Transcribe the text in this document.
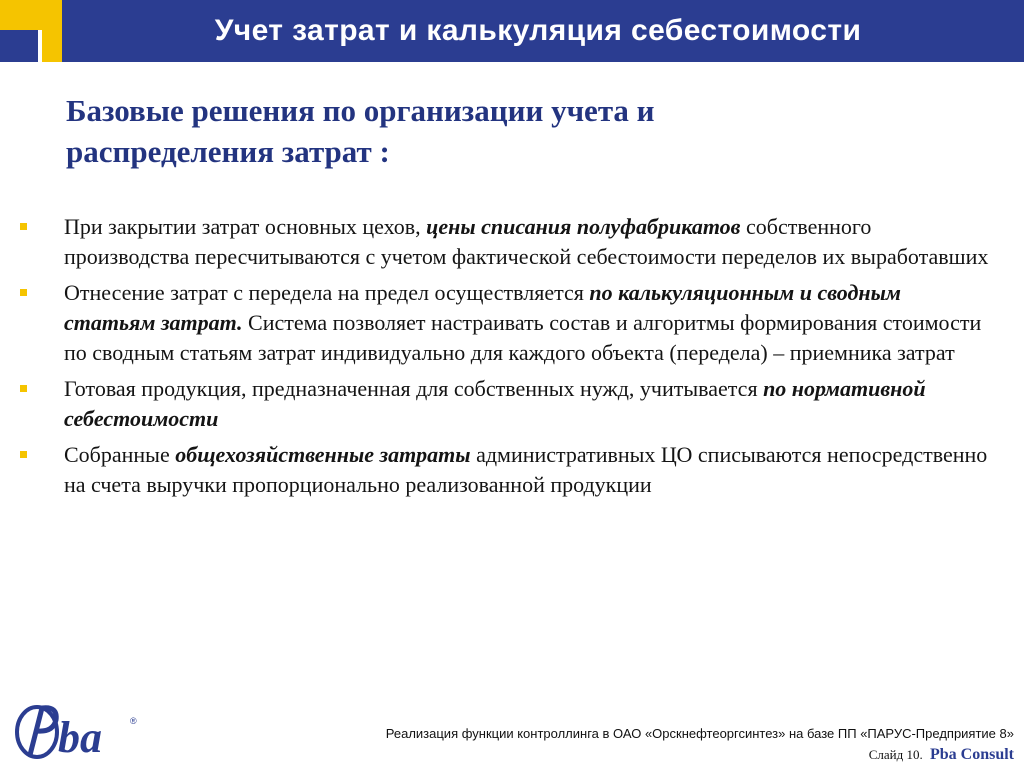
Учет затрат и калькуляция себестоимости
Базовые решения по организации учета и
распределения затрат :
При закрытии затрат основных цехов, цены списания полуфабрикатов собственного производства пересчитываются с учетом фактической себестоимости переделов их выработавших
Отнесение затрат с передела на предел осуществляется по калькуляционным и сводным статьям затрат. Система позволяет настраивать состав и алгоритмы формирования стоимости по сводным статьям затрат индивидуально для каждого объекта (передела) – приемника затрат
Готовая продукция, предназначенная для собственных нужд, учитывается по нормативной себестоимости
Собранные общехозяйственные затраты административных ЦО списываются непосредственно на счета выручки пропорционально реализованной продукции
ba	®
Реализация функции контроллинга в ОАО «Орскнефтеоргсинтез» на базе ПП «ПАРУС-Предприятие 8»
Слайд 10. Pba Consult
